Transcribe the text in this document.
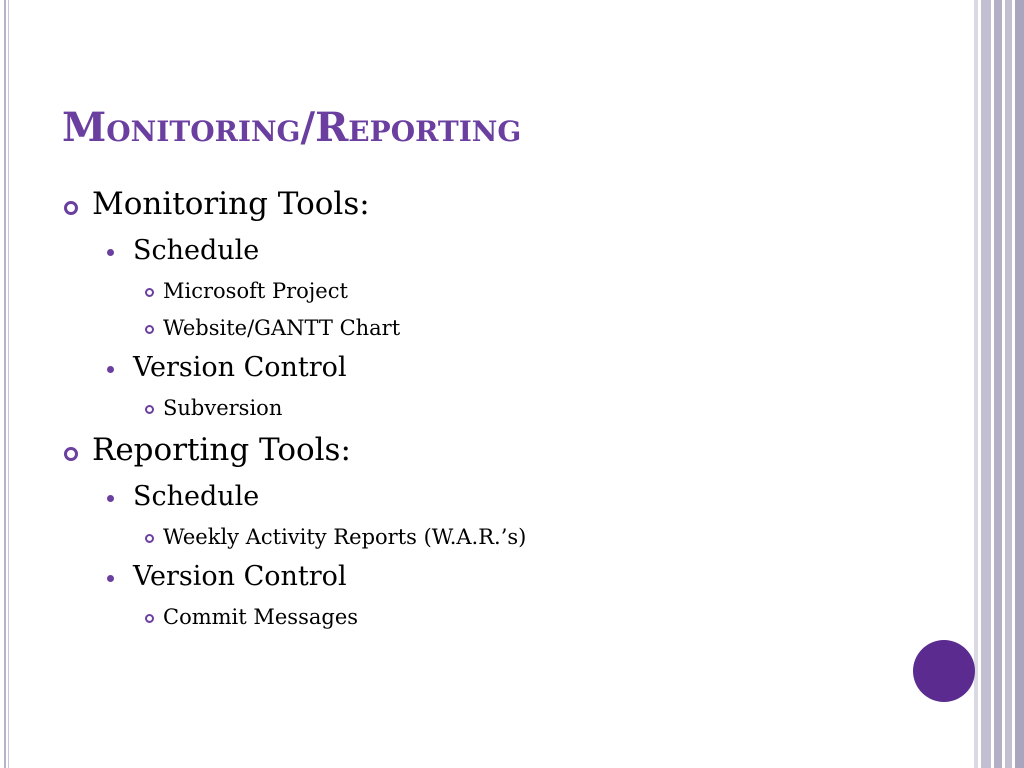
Monitoring/Reporting
Monitoring Tools:
Schedule
Microsoft Project
Website/GANTT Chart
Version Control
Subversion
Reporting Tools:
Schedule
Weekly Activity Reports (W.A.R.’s)
Version Control
Commit Messages
